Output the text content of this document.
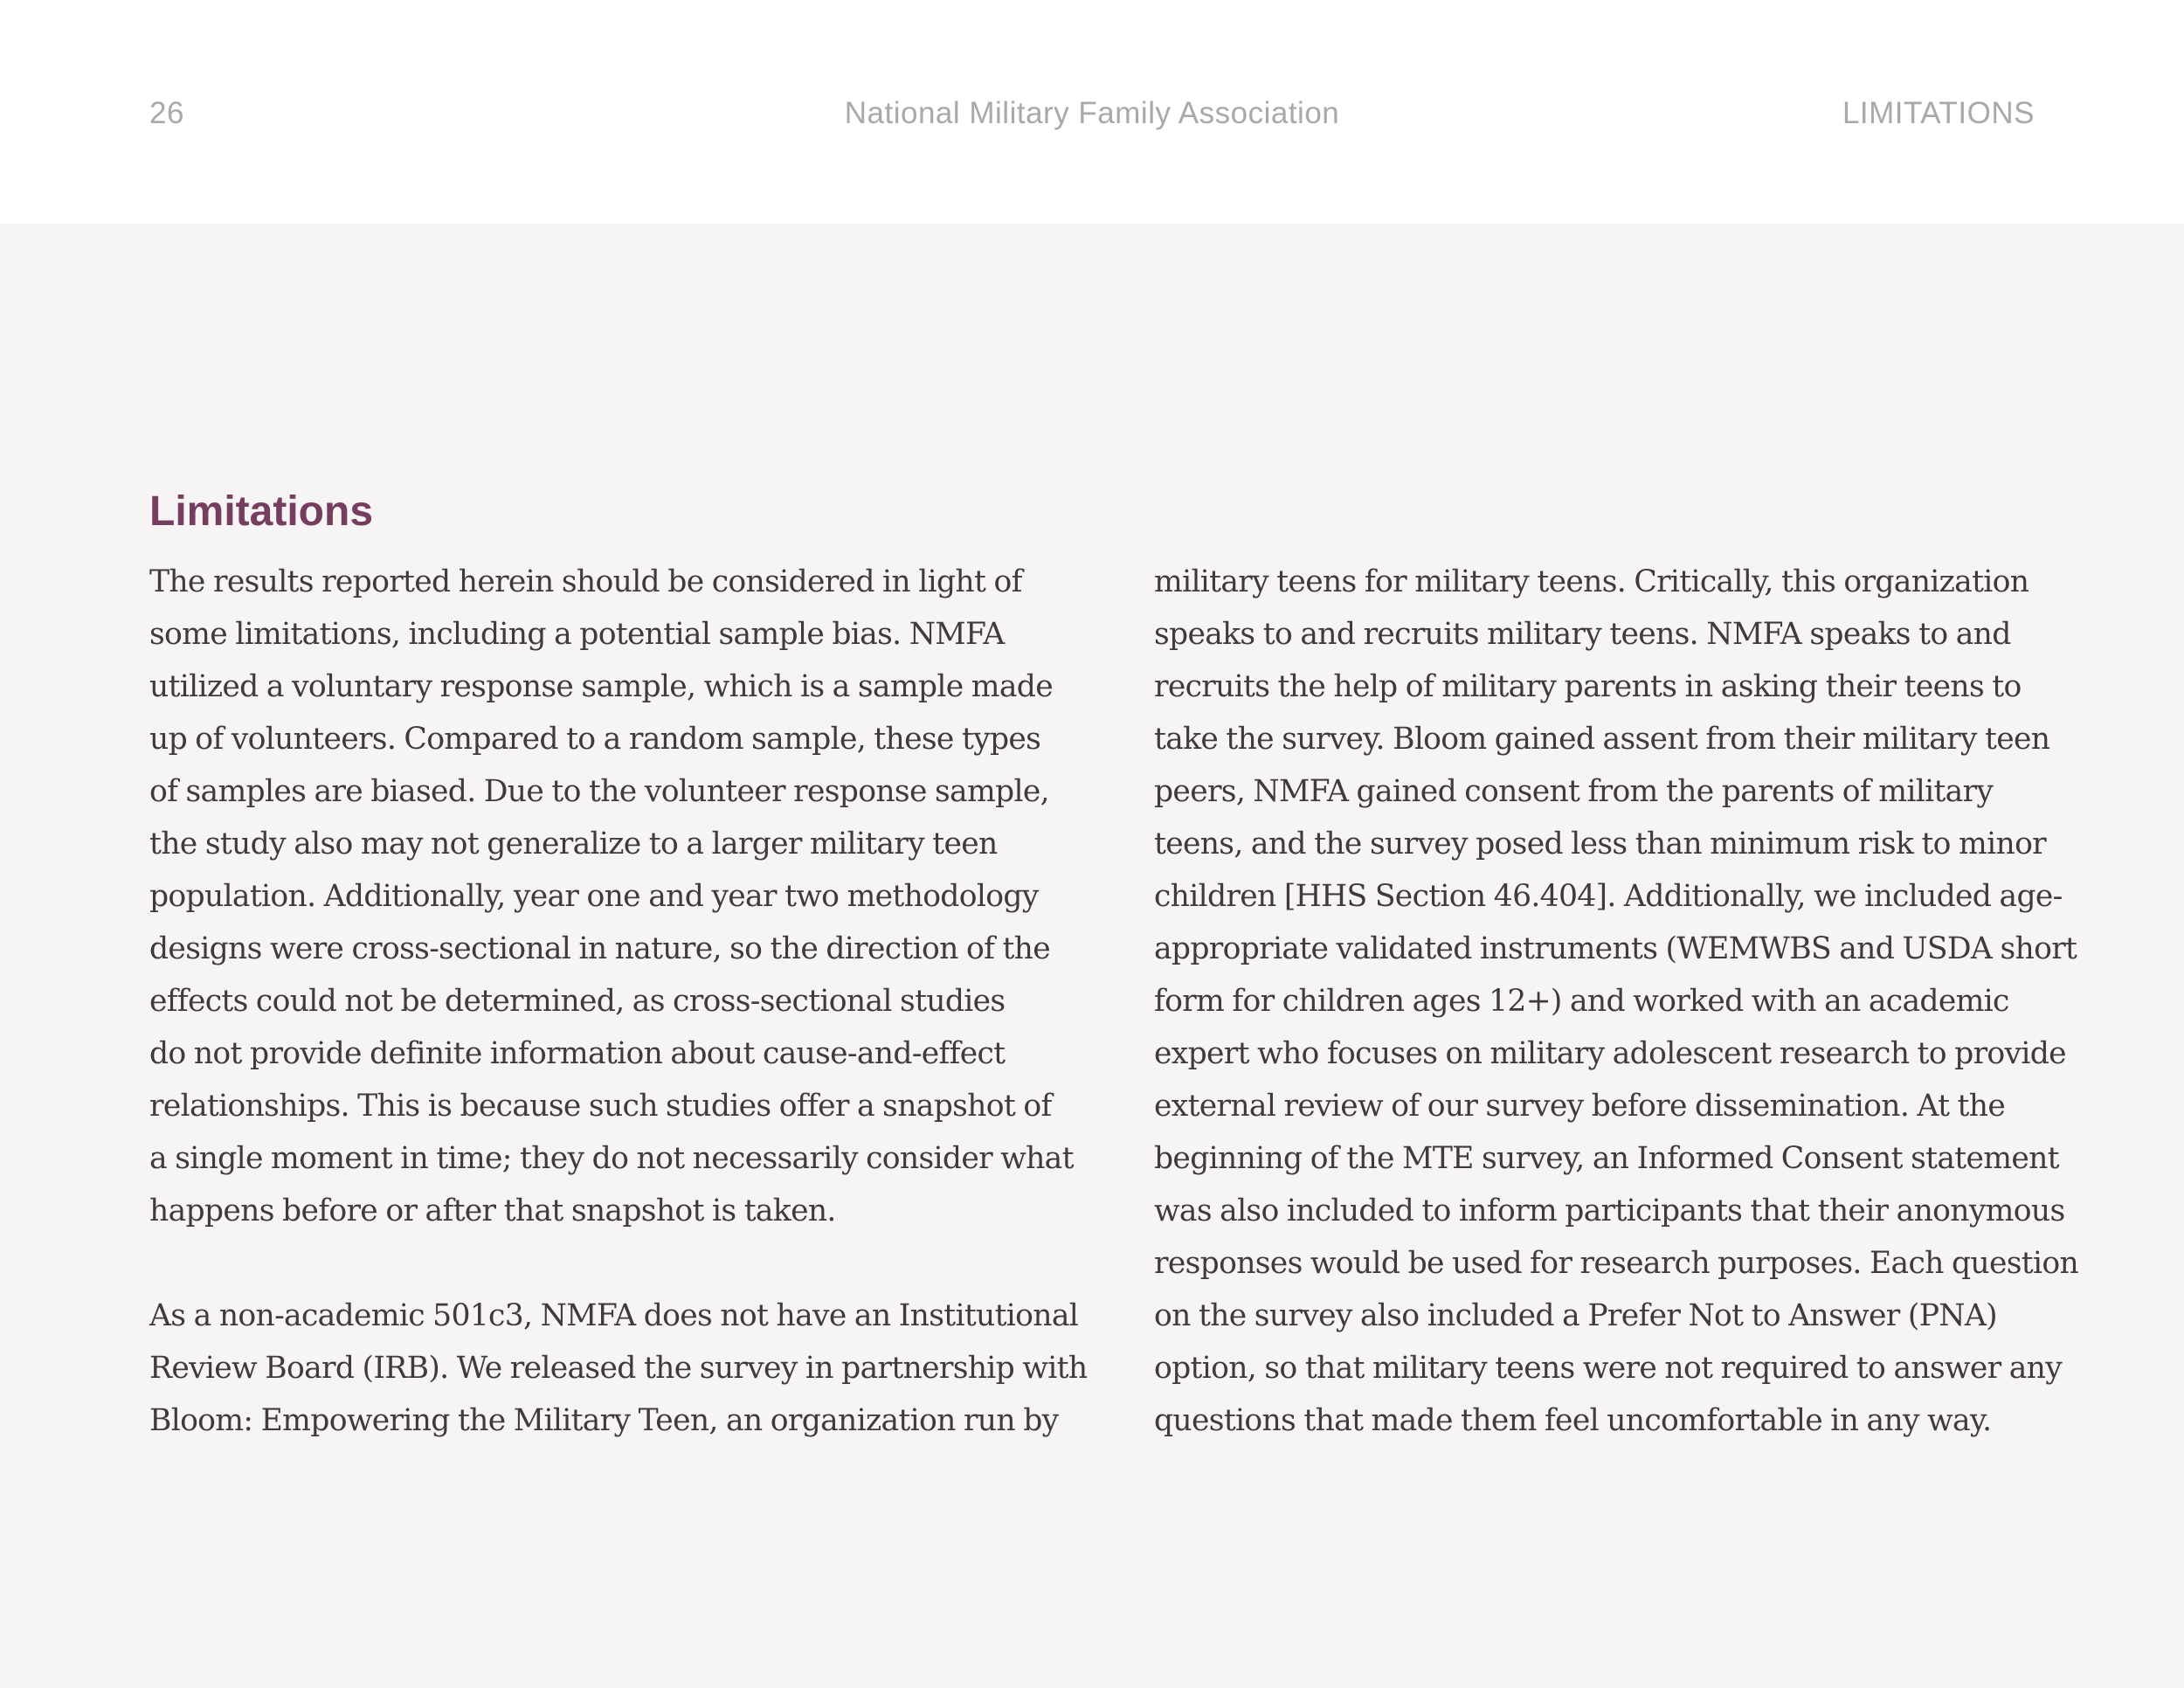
26	National Military Family Association	LIMITATIONS
Limitations
The results reported herein should be considered in light of
some limitations, including a potential sample bias. NMFA
utilized a voluntary response sample, which is a sample made
up of volunteers. Compared to a random sample, these types
of samples are biased. Due to the volunteer response sample,
the study also may not generalize to a larger military teen
population. Additionally, year one and year two methodology
designs were cross-sectional in nature, so the direction of the
effects could not be determined, as cross-sectional studies
do not provide definite information about cause-and-effect
relationships. This is because such studies offer a snapshot of
a single moment in time; they do not necessarily consider what
happens before or after that snapshot is taken.
As a non-academic 501c3, NMFA does not have an Institutional
Review Board (IRB). We released the survey in partnership with
Bloom: Empowering the Military Teen, an organization run by
military teens for military teens. Critically, this organization
speaks to and recruits military teens. NMFA speaks to and
recruits the help of military parents in asking their teens to
take the survey. Bloom gained assent from their military teen
peers, NMFA gained consent from the parents of military
teens, and the survey posed less than minimum risk to minor
children [HHS Section 46.404]. Additionally, we included age-
appropriate validated instruments (WEMWBS and USDA short
form for children ages 12+) and worked with an academic
expert who focuses on military adolescent research to provide
external review of our survey before dissemination. At the
beginning of the MTE survey, an Informed Consent statement
was also included to inform participants that their anonymous
responses would be used for research purposes. Each question
on the survey also included a Prefer Not to Answer (PNA)
option, so that military teens were not required to answer any
questions that made them feel uncomfortable in any way.
